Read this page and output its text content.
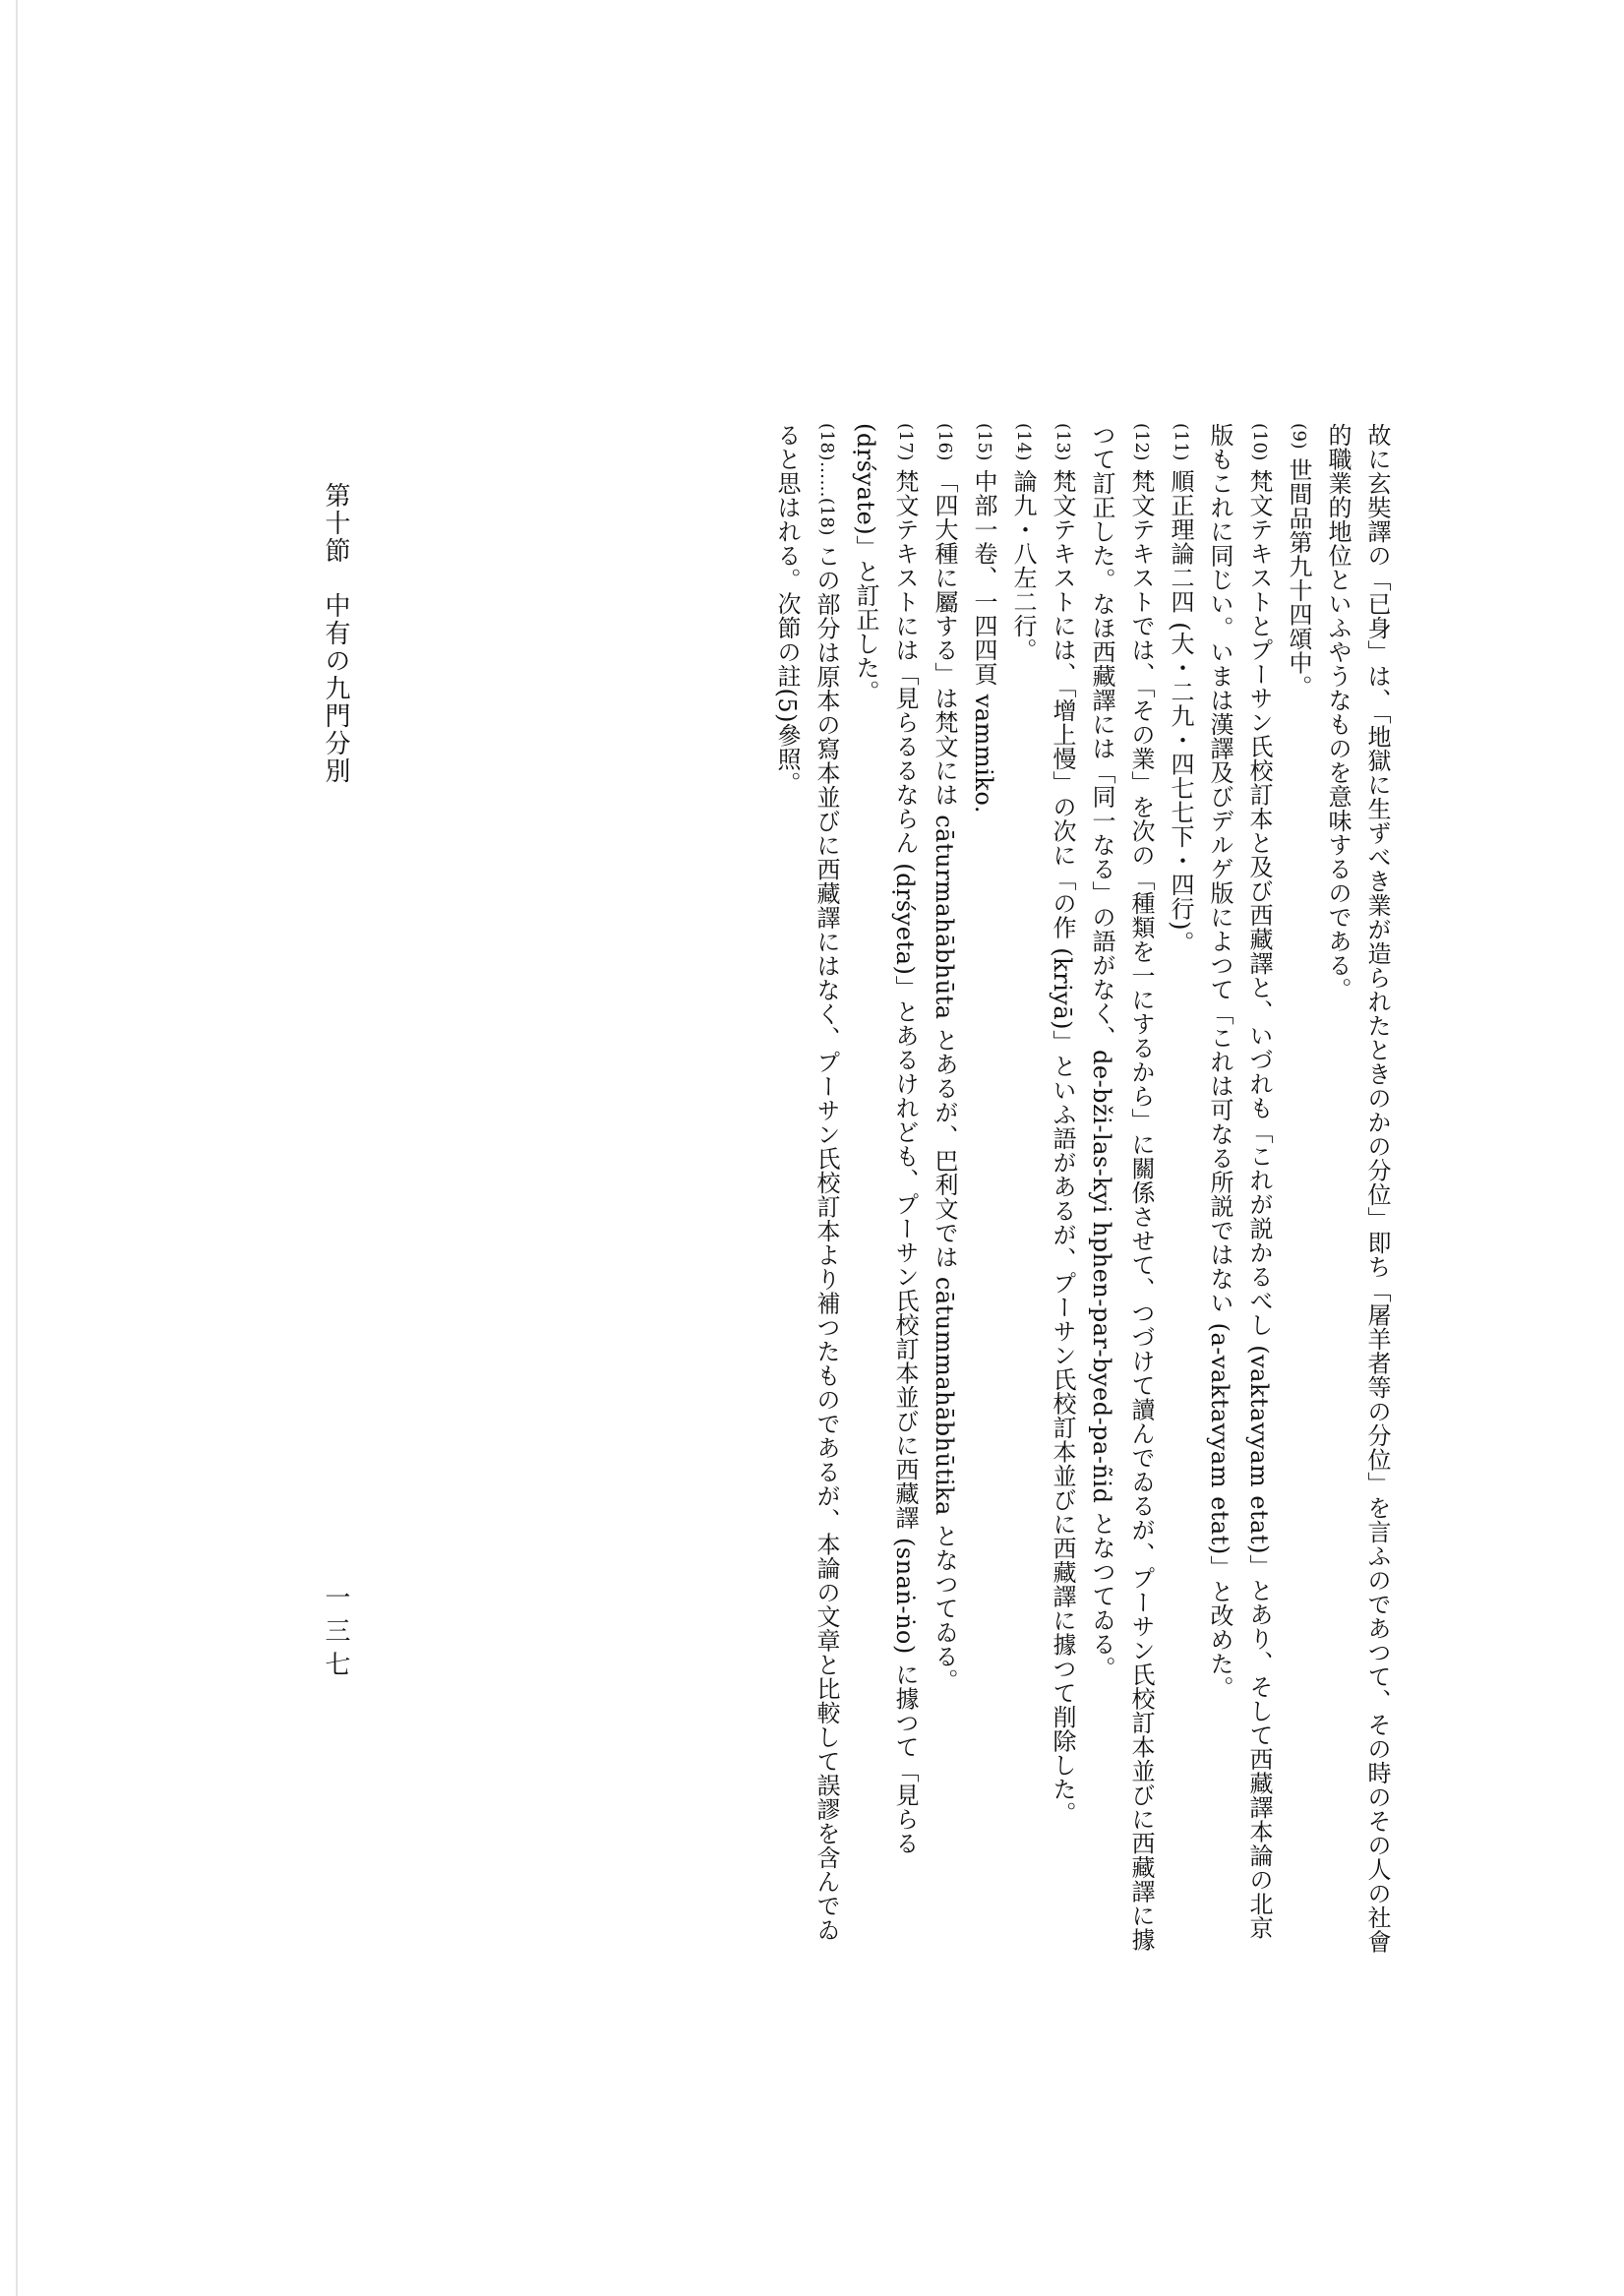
故に玄奘譯の「已身」は、「地獄に生ずべき業が造られたときのかの分位」即ち「屠羊者等の分位」を言ふのであつて、その時のその人の社會的職業的地位といふやうなものを意味するのである。
(9) 世間品第九十四頌中。
(10) 梵文テキストとプーサン氏校訂本と及び西藏譯と、いづれも「これが説かるべし (vaktavyam etat)」とあり、そして西藏譯本論の北京版もこれに同じい。いまは漢譯及びデルゲ版によつて「これは可なる所説ではない (a-vaktavyam etat)」と改めた。
(11) 順正理論二四 (大・二九・四七七下・四行)。
(12) 梵文テキストでは、「その業」を次の「種類を一にするから」に關係させて、つづけて讀んでゐるが、プーサン氏校訂本並びに西藏譯に據つて訂正した。なほ西藏譯には「同一なる」の語がなく、de-bži-las-kyi hphen-par-byed-pa-ñid となつてゐる。
(13) 梵文テキストには、「增上慢」の次に「の作 (kriyā)」といふ語があるが、プーサン氏校訂本並びに西藏譯に據つて削除した。
(14) 論九・八左二行。
(15) 中部一卷、一四四頁 vammiko.
(16) 「四大種に屬する」は梵文には cāturmahābhūta とあるが、巴利文では cātummahābhūtika となつてゐる。
(17) 梵文テキストには「見らるるならん (dṛśyeta)」とあるけれども、プーサン氏校訂本並びに西藏譯 (snaṅ-ṅo) に據つて「見らる (dṛśyate)」と訂正した。
(18)……(18) この部分は原本の寫本並びに西藏譯にはなく、プーサン氏校訂本より補つたものであるが、本論の文章と比較して誤謬を含んでゐると思はれる。次節の註(5)參照。
第十節　中有の九門分別
一三七
